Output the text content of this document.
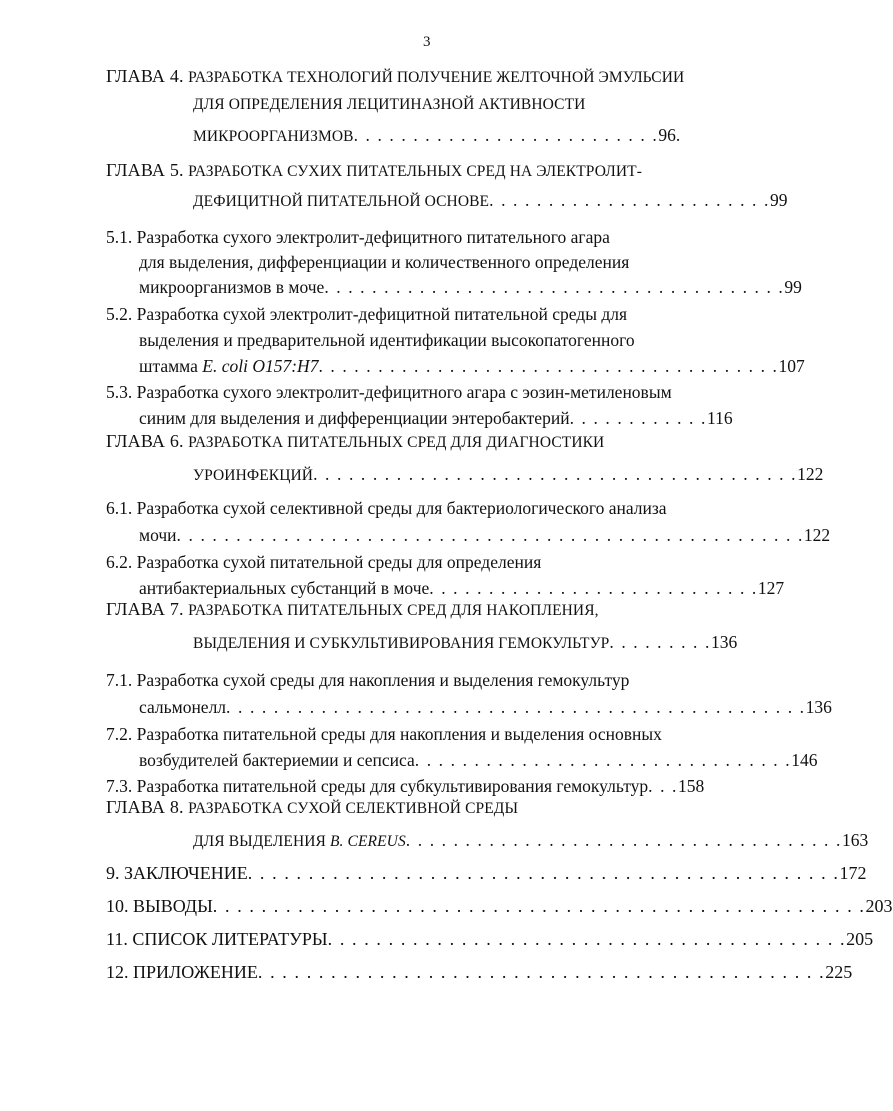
3
ГЛАВА 4. РАЗРАБОТКА ТЕХНОЛОГИЙ ПОЛУЧЕНИЕ ЖЕЛТОЧНОЙ ЭМУЛЬСИИ
ДЛЯ ОПРЕДЕЛЕНИЯ ЛЕЦИТИНАЗНОЙ АКТИВНОСТИ
МИКРООРГАНИЗМОВ. . . . . . . . . . . . . . . . . . . . . . . . . .96.
ГЛАВА 5. РАЗРАБОТКА СУХИХ ПИТАТЕЛЬНЫХ СРЕД НА ЭЛЕКТРОЛИТ-
ДЕФИЦИТНОЙ ПИТАТЕЛЬНОЙ ОСНОВЕ. . . . . . . . . . . . . . . . . . . . . . . .99
5.1. Разработка сухого электролит-дефицитного питательного агара
для выделения, дифференциации и количественного определения
микроорганизмов в моче. . . . . . . . . . . . . . . . . . . . . . . . . . . . . . . . . . . . . . .99
5.2. Разработка сухой электролит-дефицитной питательной среды для
выделения и предварительной идентификации высокопатогенного
штамма E. coli O157:H7. . . . . . . . . . . . . . . . . . . . . . . . . . . . . . . . . . . . . . .107
5.3. Разработка сухого электролит-дефицитного агара с эозин-метиленовым
синим для выделения и дифференциации энтеробактерий. . . . . . . . . . . .116
ГЛАВА 6. РАЗРАБОТКА ПИТАТЕЛЬНЫХ СРЕД ДЛЯ ДИАГНОСТИКИ
УРОИНФЕКЦИЙ. . . . . . . . . . . . . . . . . . . . . . . . . . . . . . . . . . . . . . . . .122
6.1. Разработка сухой селективной среды для бактериологического анализа
мочи. . . . . . . . . . . . . . . . . . . . . . . . . . . . . . . . . . . . . . . . . . . . . . . . . . . . .122
6.2. Разработка сухой питательной среды для определения
антибактериальных субстанций в моче. . . . . . . . . . . . . . . . . . . . . . . . . . . .127
ГЛАВА 7. РАЗРАБОТКА ПИТАТЕЛЬНЫХ СРЕД ДЛЯ НАКОПЛЕНИЯ,
ВЫДЕЛЕНИЯ И СУБКУЛЬТИВИРОВАНИЯ ГЕМОКУЛЬТУР. . . . . . . . .136
7.1. Разработка сухой среды для накопления и выделения гемокультур
сальмонелл. . . . . . . . . . . . . . . . . . . . . . . . . . . . . . . . . . . . . . . . . . . . . . . . .136
7.2. Разработка питательной среды для накопления и выделения основных
возбудителей бактериемии и сепсиса. . . . . . . . . . . . . . . . . . . . . . . . . . . . . . . .146
7.3. Разработка питательной среды для субкультивирования гемокультур. . .158
ГЛАВА 8. РАЗРАБОТКА СУХОЙ СЕЛЕКТИВНОЙ СРЕДЫ
ДЛЯ ВЫДЕЛЕНИЯ B. CEREUS. . . . . . . . . . . . . . . . . . . . . . . . . . . . . . . . . . . . .163
9. ЗАКЛЮЧЕНИЕ. . . . . . . . . . . . . . . . . . . . . . . . . . . . . . . . . . . . . . . . . . . . . . . . .172
10. ВЫВОДЫ. . . . . . . . . . . . . . . . . . . . . . . . . . . . . . . . . . . . . . . . . . . . . . . . . . . . . .203
11. СПИСОК ЛИТЕРАТУРЫ. . . . . . . . . . . . . . . . . . . . . . . . . . . . . . . . . . . . . . . . . . .205
12. ПРИЛОЖЕНИЕ. . . . . . . . . . . . . . . . . . . . . . . . . . . . . . . . . . . . . . . . . . . . . . .225
